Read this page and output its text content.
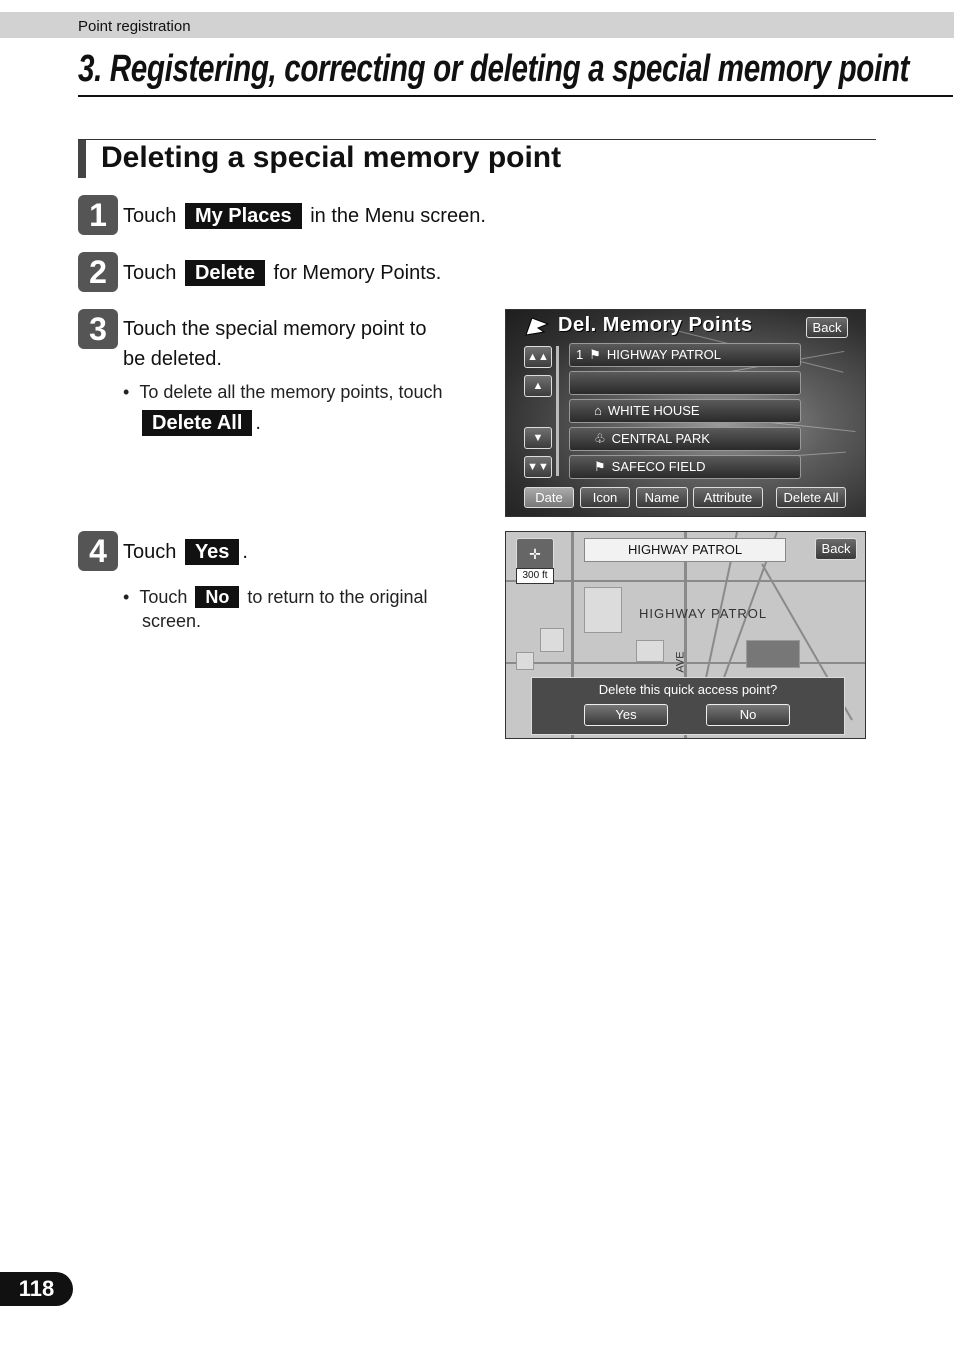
Point registration
3. Registering, correcting or deleting a special memory point
Deleting a special memory point
1 Touch My Places in the Menu screen.
2 Touch Delete for Memory Points.
3 Touch the special memory point to
be deleted.
•  To delete all the memory points, touch
Delete All .
Del. Memory Points	Back
▲▲
▲
▼
▼▼
1 ⚑ HIGHWAY PATROL
⌂ WHITE HOUSE
♧ CENTRAL PARK
⚑ SAFECO FIELD
Date	Icon	Name	Attribute	Delete All
4 Touch Yes .
•  Touch No to return to the original
screen.
✛
300 ft
HIGHWAY PATROL	Back
HIGHWAY PATROL
AVE
Delete this quick access point?
Yes	No
118
